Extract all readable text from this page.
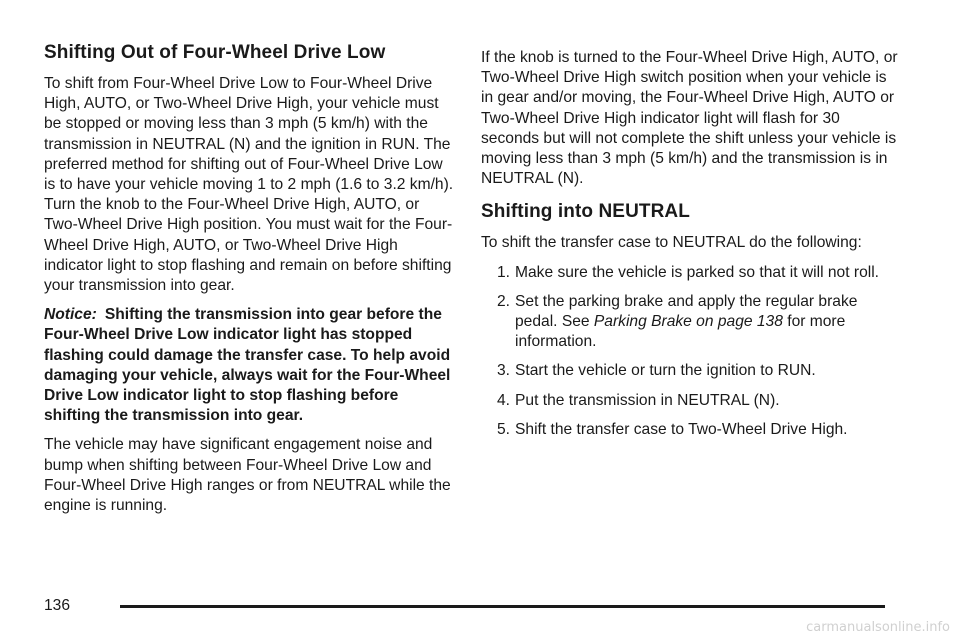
Shifting Out of Four-Wheel Drive Low

To shift from Four-Wheel Drive Low to Four-Wheel Drive High, AUTO, or Two-Wheel Drive High, your vehicle must be stopped or moving less than 3 mph (5 km/h) with the transmission in NEUTRAL (N) and the ignition in RUN. The preferred method for shifting out of Four-Wheel Drive Low is to have your vehicle moving 1 to 2 mph (1.6 to 3.2 km/h). Turn the knob to the Four-Wheel Drive High, AUTO, or Two-Wheel Drive High position. You must wait for the Four-Wheel Drive High, AUTO, or Two-Wheel Drive High indicator light to stop flashing and remain on before shifting your transmission into gear.

Notice: Shifting the transmission into gear before the Four-Wheel Drive Low indicator light has stopped flashing could damage the transfer case. To help avoid damaging your vehicle, always wait for the Four-Wheel Drive Low indicator light to stop flashing before shifting the transmission into gear.

The vehicle may have significant engagement noise and bump when shifting between Four-Wheel Drive Low and Four-Wheel Drive High ranges or from NEUTRAL while the engine is running.

If the knob is turned to the Four-Wheel Drive High, AUTO, or Two-Wheel Drive High switch position when your vehicle is in gear and/or moving, the Four-Wheel Drive High, AUTO or Two-Wheel Drive High indicator light will flash for 30 seconds but will not complete the shift unless your vehicle is moving less than 3 mph (5 km/h) and the transmission is in NEUTRAL (N).

Shifting into NEUTRAL

To shift the transfer case to NEUTRAL do the following:

1. Make sure the vehicle is parked so that it will not roll.
2. Set the parking brake and apply the regular brake pedal. See Parking Brake on page 138 for more information.
3. Start the vehicle or turn the ignition to RUN.
4. Put the transmission in NEUTRAL (N).
5. Shift the transfer case to Two-Wheel Drive High.
136
carmanualsonline.info
